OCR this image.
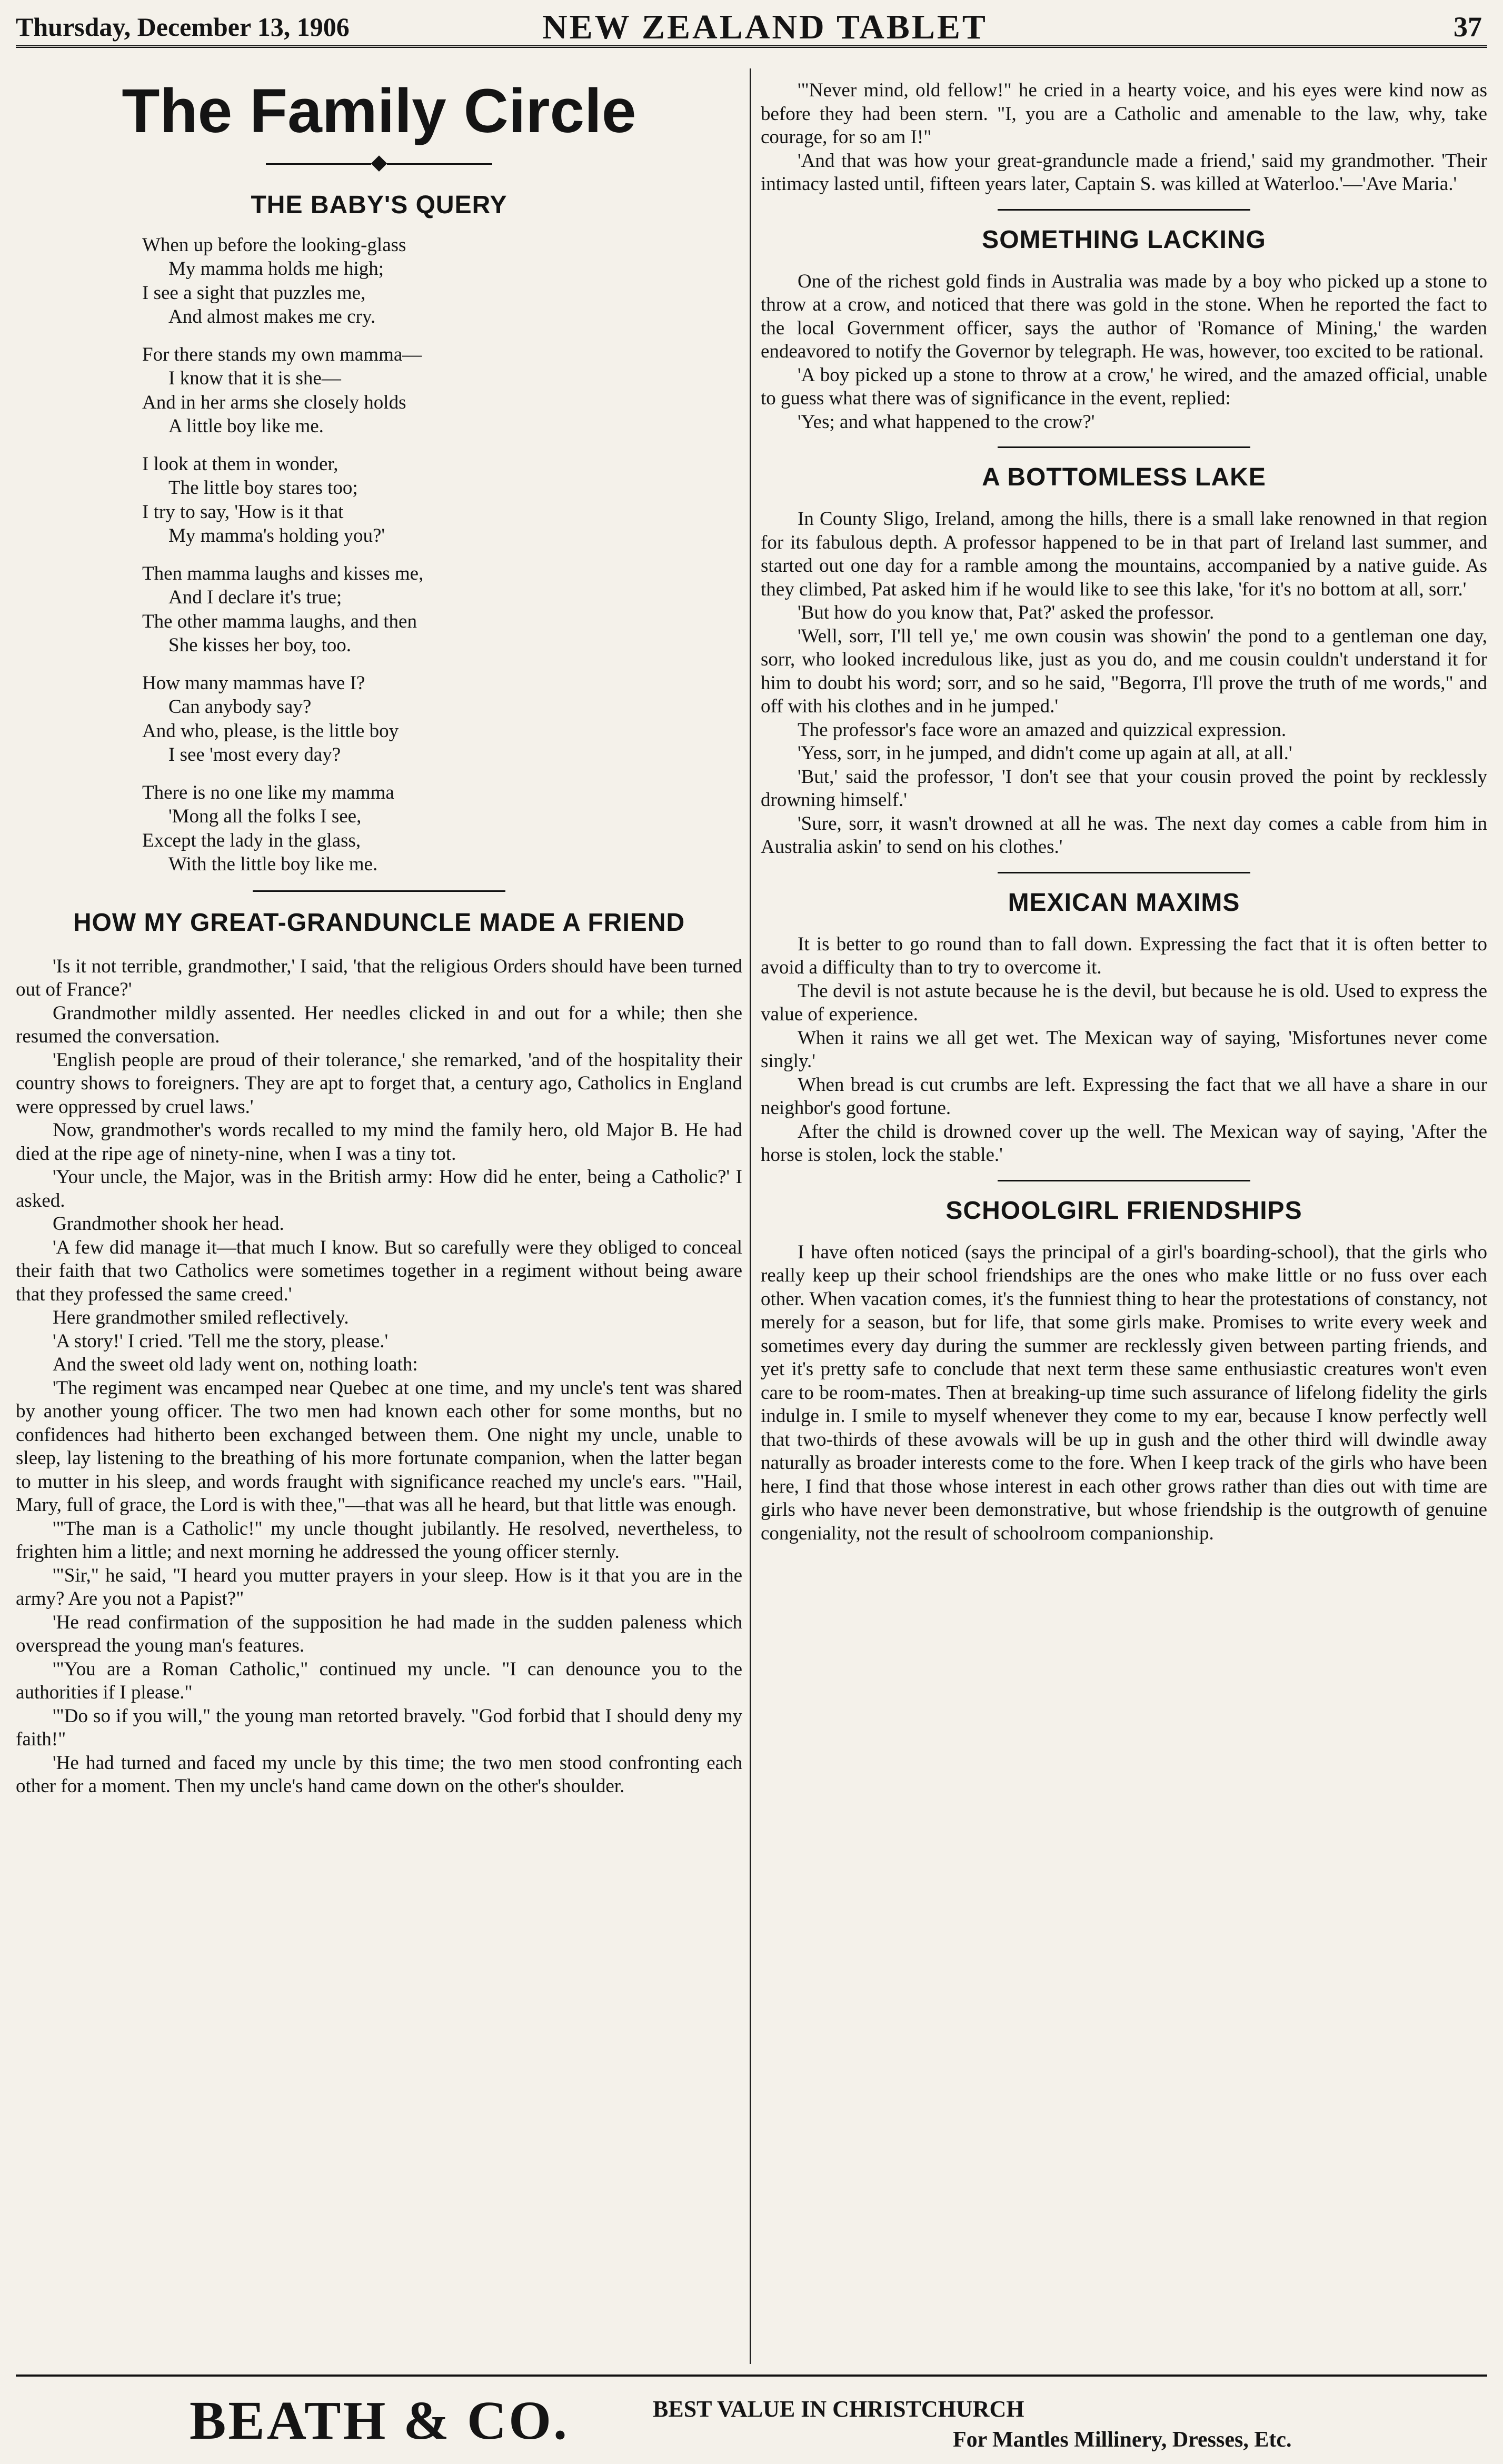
Thursday, December 13, 1906	NEW ZEALAND TABLET	37
The Family Circle
◆
THE BABY'S QUERY
When up before the looking-glass
My mamma holds me high;
I see a sight that puzzles me,
And almost makes me cry.
For there stands my own mamma—
I know that it is she—
And in her arms she closely holds
A little boy like me.
I look at them in wonder,
The little boy stares too;
I try to say, 'How is it that
My mamma's holding you?'
Then mamma laughs and kisses me,
And I declare it's true;
The other mamma laughs, and then
She kisses her boy, too.
How many mammas have I?
Can anybody say?
And who, please, is the little boy
I see 'most every day?
There is no one like my mamma
'Mong all the folks I see,
Except the lady in the glass,
With the little boy like me.
HOW MY GREAT-GRANDUNCLE MADE A FRIEND

'Is it not terrible, grandmother,' I said, 'that the religious Orders should have been turned out of France?'

Grandmother mildly assented. Her needles clicked in and out for a while; then she resumed the conversation.

'English people are proud of their tolerance,' she remarked, 'and of the hospitality their country shows to foreigners. They are apt to forget that, a century ago, Catholics in England were oppressed by cruel laws.'

Now, grandmother's words recalled to my mind the family hero, old Major B. He had died at the ripe age of ninety-nine, when I was a tiny tot.

'Your uncle, the Major, was in the British army: How did he enter, being a Catholic?' I asked.

Grandmother shook her head.

'A few did manage it—that much I know. But so carefully were they obliged to conceal their faith that two Catholics were sometimes together in a regiment without being aware that they professed the same creed.'

Here grandmother smiled reflectively.

'A story!' I cried. 'Tell me the story, please.'

And the sweet old lady went on, nothing loath:

'The regiment was encamped near Quebec at one time, and my uncle's tent was shared by another young officer. The two men had known each other for some months, but no confidences had hitherto been exchanged between them. One night my uncle, unable to sleep, lay listening to the breathing of his more fortunate companion, when the latter began to mutter in his sleep, and words fraught with significance reached my uncle's ears. "'Hail, Mary, full of grace, the Lord is with thee,"—that was all he heard, but that little was enough.

'"The man is a Catholic!" my uncle thought jubilantly. He resolved, nevertheless, to frighten him a little; and next morning he addressed the young officer sternly.

'"Sir," he said, "I heard you mutter prayers in your sleep. How is it that you are in the army? Are you not a Papist?"

'He read confirmation of the supposition he had made in the sudden paleness which overspread the young man's features.

'"You are a Roman Catholic," continued my uncle. "I can denounce you to the authorities if I please."

'"Do so if you will," the young man retorted bravely. "God forbid that I should deny my faith!"

'He had turned and faced my uncle by this time; the two men stood confronting each other for a moment. Then my uncle's hand came down on the other's shoulder.

'"Never mind, old fellow!" he cried in a hearty voice, and his eyes were kind now as before they had been stern. "I, you are a Catholic and amenable to the law, why, take courage, for so am I!"

'And that was how your great-granduncle made a friend,' said my grandmother. 'Their intimacy lasted until, fifteen years later, Captain S. was killed at Waterloo.'—'Ave Maria.'

SOMETHING LACKING

One of the richest gold finds in Australia was made by a boy who picked up a stone to throw at a crow, and noticed that there was gold in the stone. When he reported the fact to the local Government officer, says the author of 'Romance of Mining,' the warden endeavored to notify the Governor by telegraph. He was, however, too excited to be rational.

'A boy picked up a stone to throw at a crow,' he wired, and the amazed official, unable to guess what there was of significance in the event, replied:

'Yes; and what happened to the crow?'

A BOTTOMLESS LAKE

In County Sligo, Ireland, among the hills, there is a small lake renowned in that region for its fabulous depth. A professor happened to be in that part of Ireland last summer, and started out one day for a ramble among the mountains, accompanied by a native guide. As they climbed, Pat asked him if he would like to see this lake, 'for it's no bottom at all, sorr.'

'But how do you know that, Pat?' asked the professor.

'Well, sorr, I'll tell ye,' me own cousin was showin' the pond to a gentleman one day, sorr, who looked incredulous like, just as you do, and me cousin couldn't understand it for him to doubt his word; sorr, and so he said, "Begorra, I'll prove the truth of me words," and off with his clothes and in he jumped.'

The professor's face wore an amazed and quizzical expression.

'Yess, sorr, in he jumped, and didn't come up again at all, at all.'

'But,' said the professor, 'I don't see that your cousin proved the point by recklessly drowning himself.'

'Sure, sorr, it wasn't drowned at all he was. The next day comes a cable from him in Australia askin' to send on his clothes.'

MEXICAN MAXIMS

It is better to go round than to fall down. Expressing the fact that it is often better to avoid a difficulty than to try to overcome it.

The devil is not astute because he is the devil, but because he is old. Used to express the value of experience.

When it rains we all get wet. The Mexican way of saying, 'Misfortunes never come singly.'

When bread is cut crumbs are left. Expressing the fact that we all have a share in our neighbor's good fortune.

After the child is drowned cover up the well. The Mexican way of saying, 'After the horse is stolen, lock the stable.'

SCHOOLGIRL FRIENDSHIPS

I have often noticed (says the principal of a girl's boarding-school), that the girls who really keep up their school friendships are the ones who make little or no fuss over each other. When vacation comes, it's the funniest thing to hear the protestations of constancy, not merely for a season, but for life, that some girls make. Promises to write every week and sometimes every day during the summer are recklessly given between parting friends, and yet it's pretty safe to conclude that next term these same enthusiastic creatures won't even care to be room-mates. Then at breaking-up time such assurance of lifelong fidelity the girls indulge in. I smile to myself whenever they come to my ear, because I know perfectly well that two-thirds of these avowals will be up in gush and the other third will dwindle away naturally as broader interests come to the fore. When I keep track of the girls who have been here, I find that those whose interest in each other grows rather than dies out with time are girls who have never been demonstrative, but whose friendship is the outgrowth of genuine congeniality, not the result of schoolroom companionship.

BEATH & CO.	BEST VALUE IN CHRISTCHURCH
For Mantles Millinery, Dresses, Etc.
